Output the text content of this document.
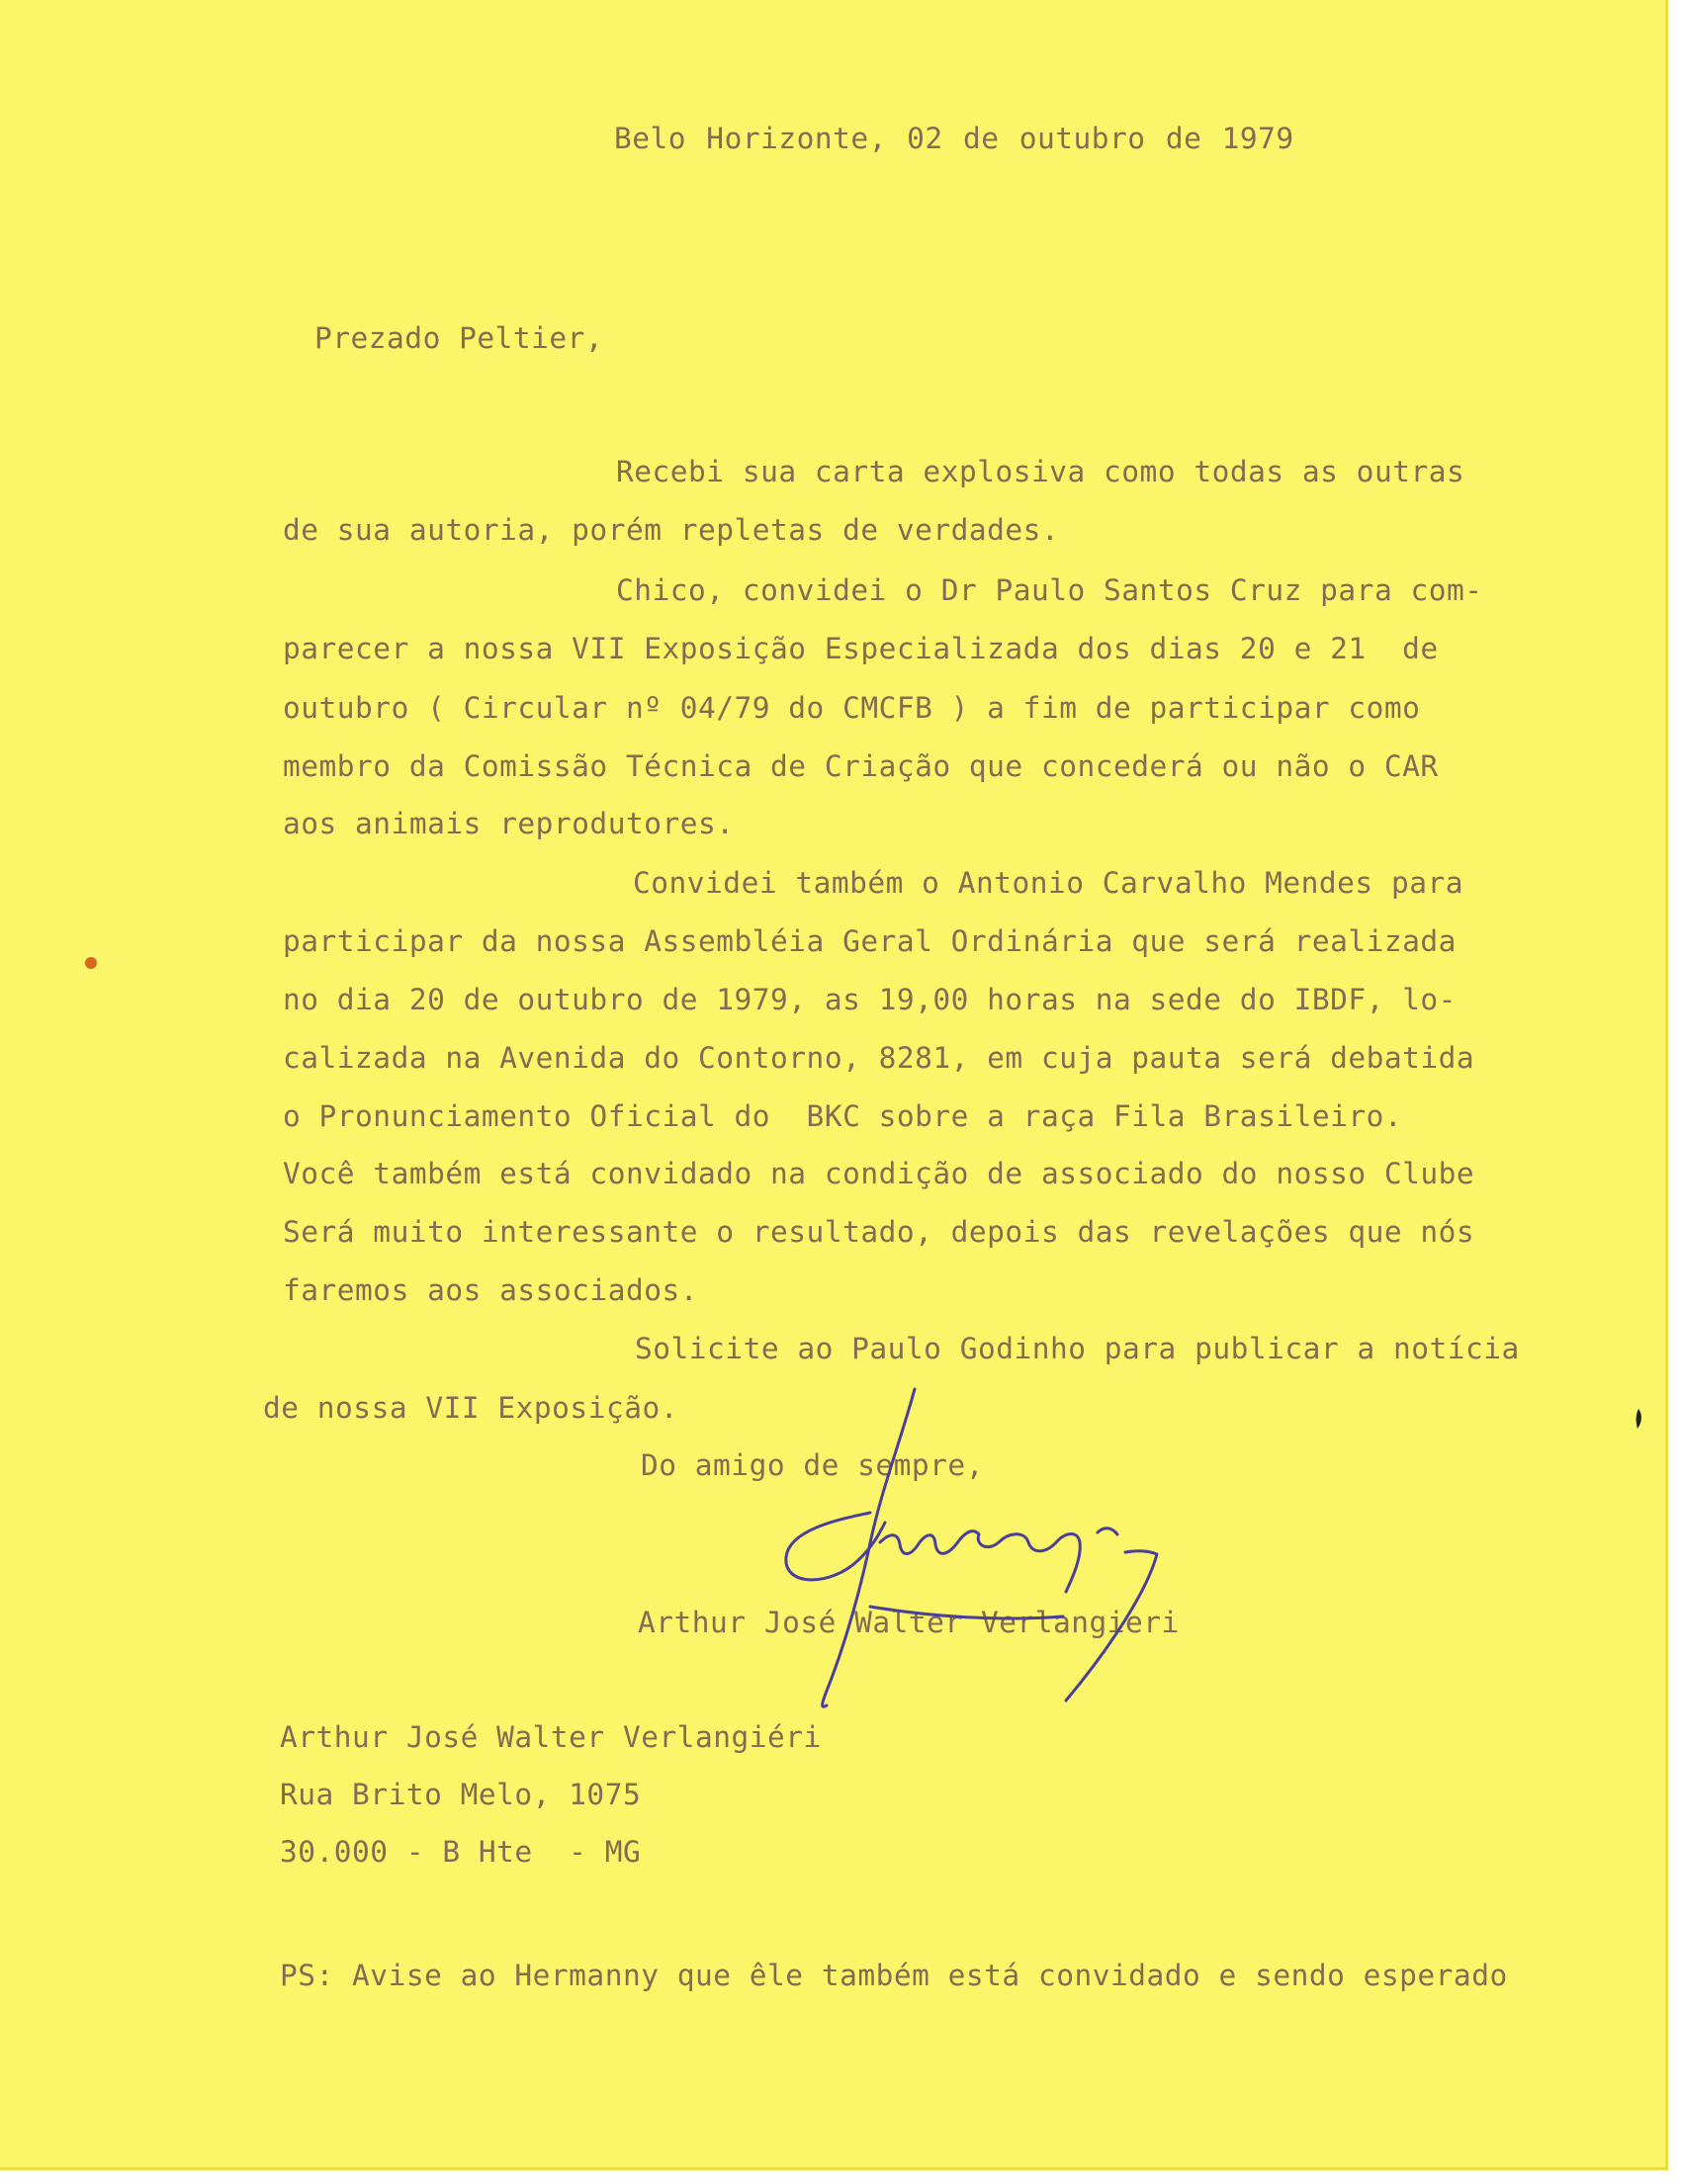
Belo Horizonte, 02 de outubro de 1979
Prezado Peltier,
Recebi sua carta explosiva como todas as outras
de sua autoria, porém repletas de verdades.
Chico, convidei o Dr Paulo Santos Cruz para com-
parecer a nossa VII Exposição Especializada dos dias 20 e 21  de
outubro ( Circular nº 04/79 do CMCFB ) a fim de participar como
membro da Comissão Técnica de Criação que concederá ou não o CAR
aos animais reprodutores.
Convidei também o Antonio Carvalho Mendes para
participar da nossa Assembléia Geral Ordinária que será realizada
no dia 20 de outubro de 1979, as 19,00 horas na sede do IBDF, lo-
calizada na Avenida do Contorno, 8281, em cuja pauta será debatida
o Pronunciamento Oficial do  BKC sobre a raça Fila Brasileiro.
Você também está convidado na condição de associado do nosso Clube
Será muito interessante o resultado, depois das revelações que nós
faremos aos associados.
Solicite ao Paulo Godinho para publicar a notícia
de nossa VII Exposição.
Do amigo de sempre,
Arthur José Walter Verlangieri
Arthur José Walter Verlangiéri
Rua Brito Melo, 1075
30.000 - B Hte  - MG
PS: Avise ao Hermanny que êle também está convidado e sendo esperado
